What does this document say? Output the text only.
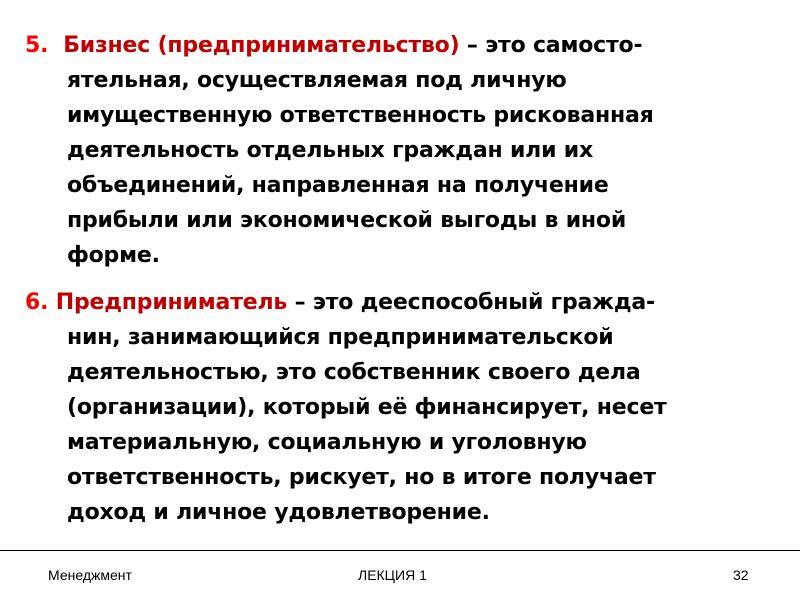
5. Бизнес (предпринимательство) – это самосто-
ятельная, осуществляемая под личную
имущественную ответственность рискованная
деятельность отдельных граждан или их
объединений, направленная на получение
прибыли или экономической выгоды в иной
форме.
6. Предприниматель – это дееспособный гражда-
нин, занимающийся предпринимательской
деятельностью, это собственник своего дела
(организации), который её финансирует, несет
материальную, социальную и уголовную
ответственность, рискует, но в итоге получает
доход и личное удовлетворение.
Менеджмент	ЛЕКЦИЯ 1	32
